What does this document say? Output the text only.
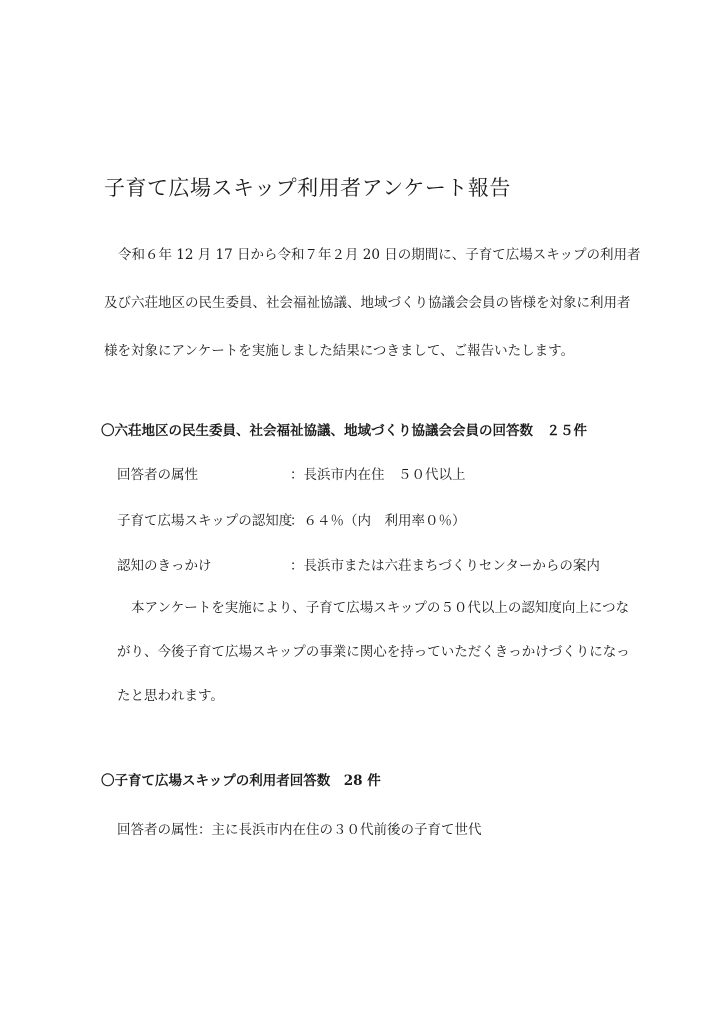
子育て広場スキップ利用者アンケート報告
令和６年 12 月 17 日から令和７年２月 20 日の期間に、子育て広場スキップの利用者
及び六荘地区の民生委員、社会福祉協議、地域づくり協議会会員の皆様を対象に利用者
様を対象にアンケートを実施しました結果につきまして、ご報告いたします。
〇六荘地区の民生委員、社会福祉協議、地域づくり協議会会員の回答数　２５件
回答者の属性	：長浜市内在住　５０代以上
子育て広場スキップの認知度
：６４％（内　利用率０％）
認知のきっかけ	：長浜市または六荘まちづくりセンターからの案内
本アンケートを実施により、子育て広場スキップの５０代以上の認知度向上につな
がり、今後子育て広場スキップの事業に関心を持っていただくきっかけづくりになっ
たと思われます。
〇子育て広場スキップの利用者回答数　28 件
回答者の属性：主に長浜市内在住の３０代前後の子育て世代
